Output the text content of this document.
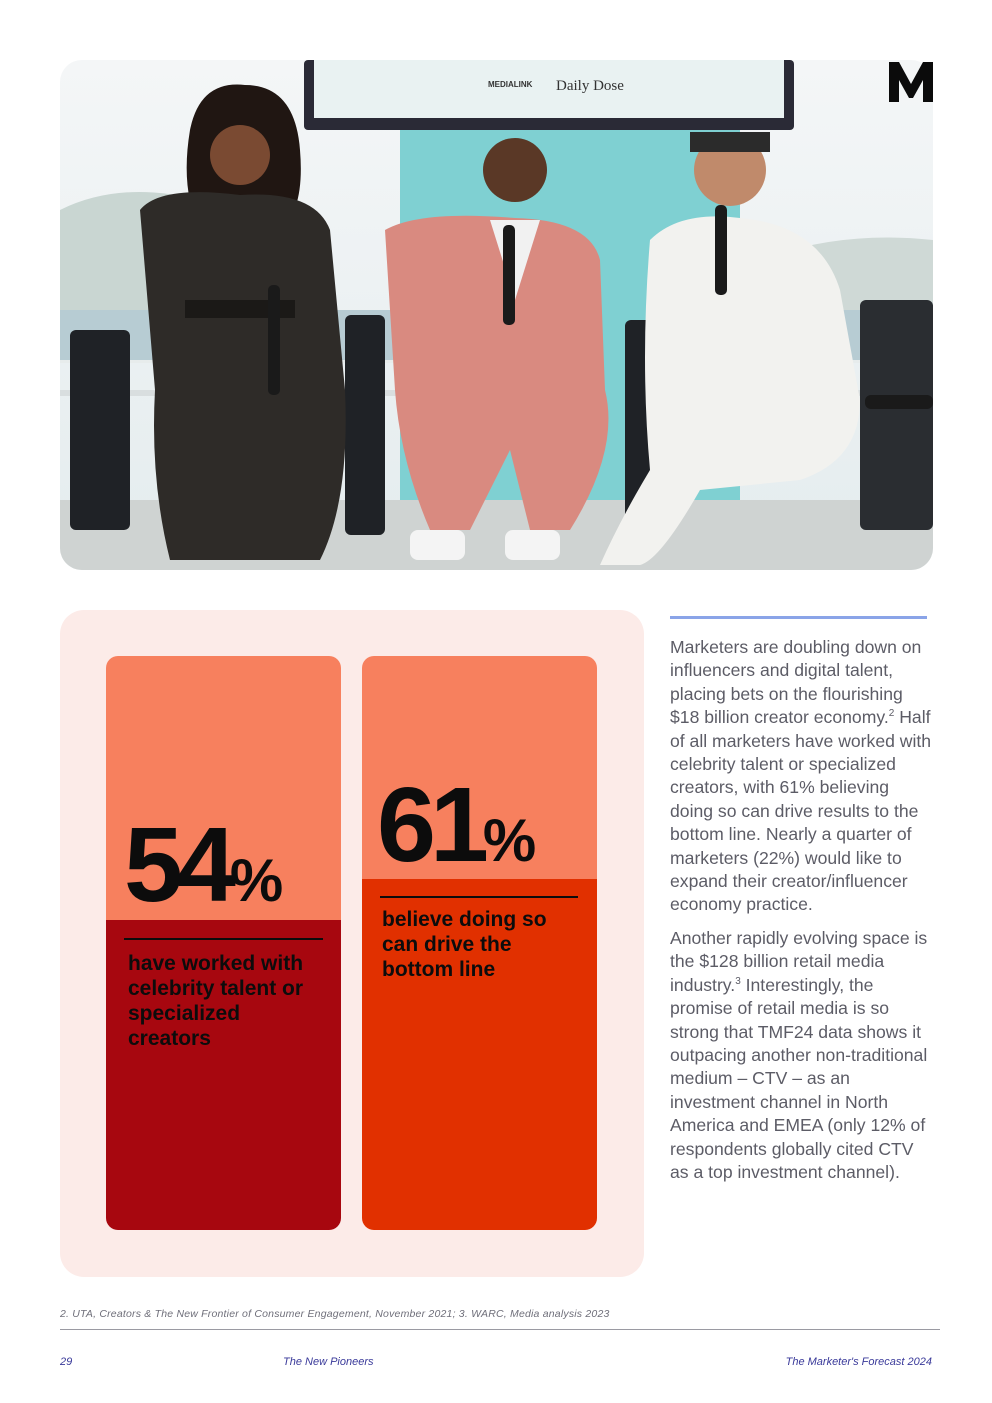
MEDIALINK Daily Dose
54%
have worked with celebrity talent or specialized creators
61%
believe doing so can drive the bottom line

Marketers are doubling down on influencers and digital talent, placing bets on the flourishing $18 billion creator economy.$^2$ Half of all marketers have worked with celebrity talent or specialized creators, with 61% believing doing so can drive results to the bottom line. Nearly a quarter of marketers (22%) would like to expand their creator/influencer economy practice.

Another rapidly evolving space is the $128 billion retail media industry.$^3$ Interestingly, the promise of retail media is so strong that TMF24 data shows it outpacing another non-traditional medium – CTV – as an investment channel in North America and EMEA (only 12% of respondents globally cited CTV as a top investment channel).

2. UTA, Creators & The New Frontier of Consumer Engagement, November 2021; 3. WARC, Media analysis 2023
29	The New Pioneers	The Marketer's Forecast 2024
